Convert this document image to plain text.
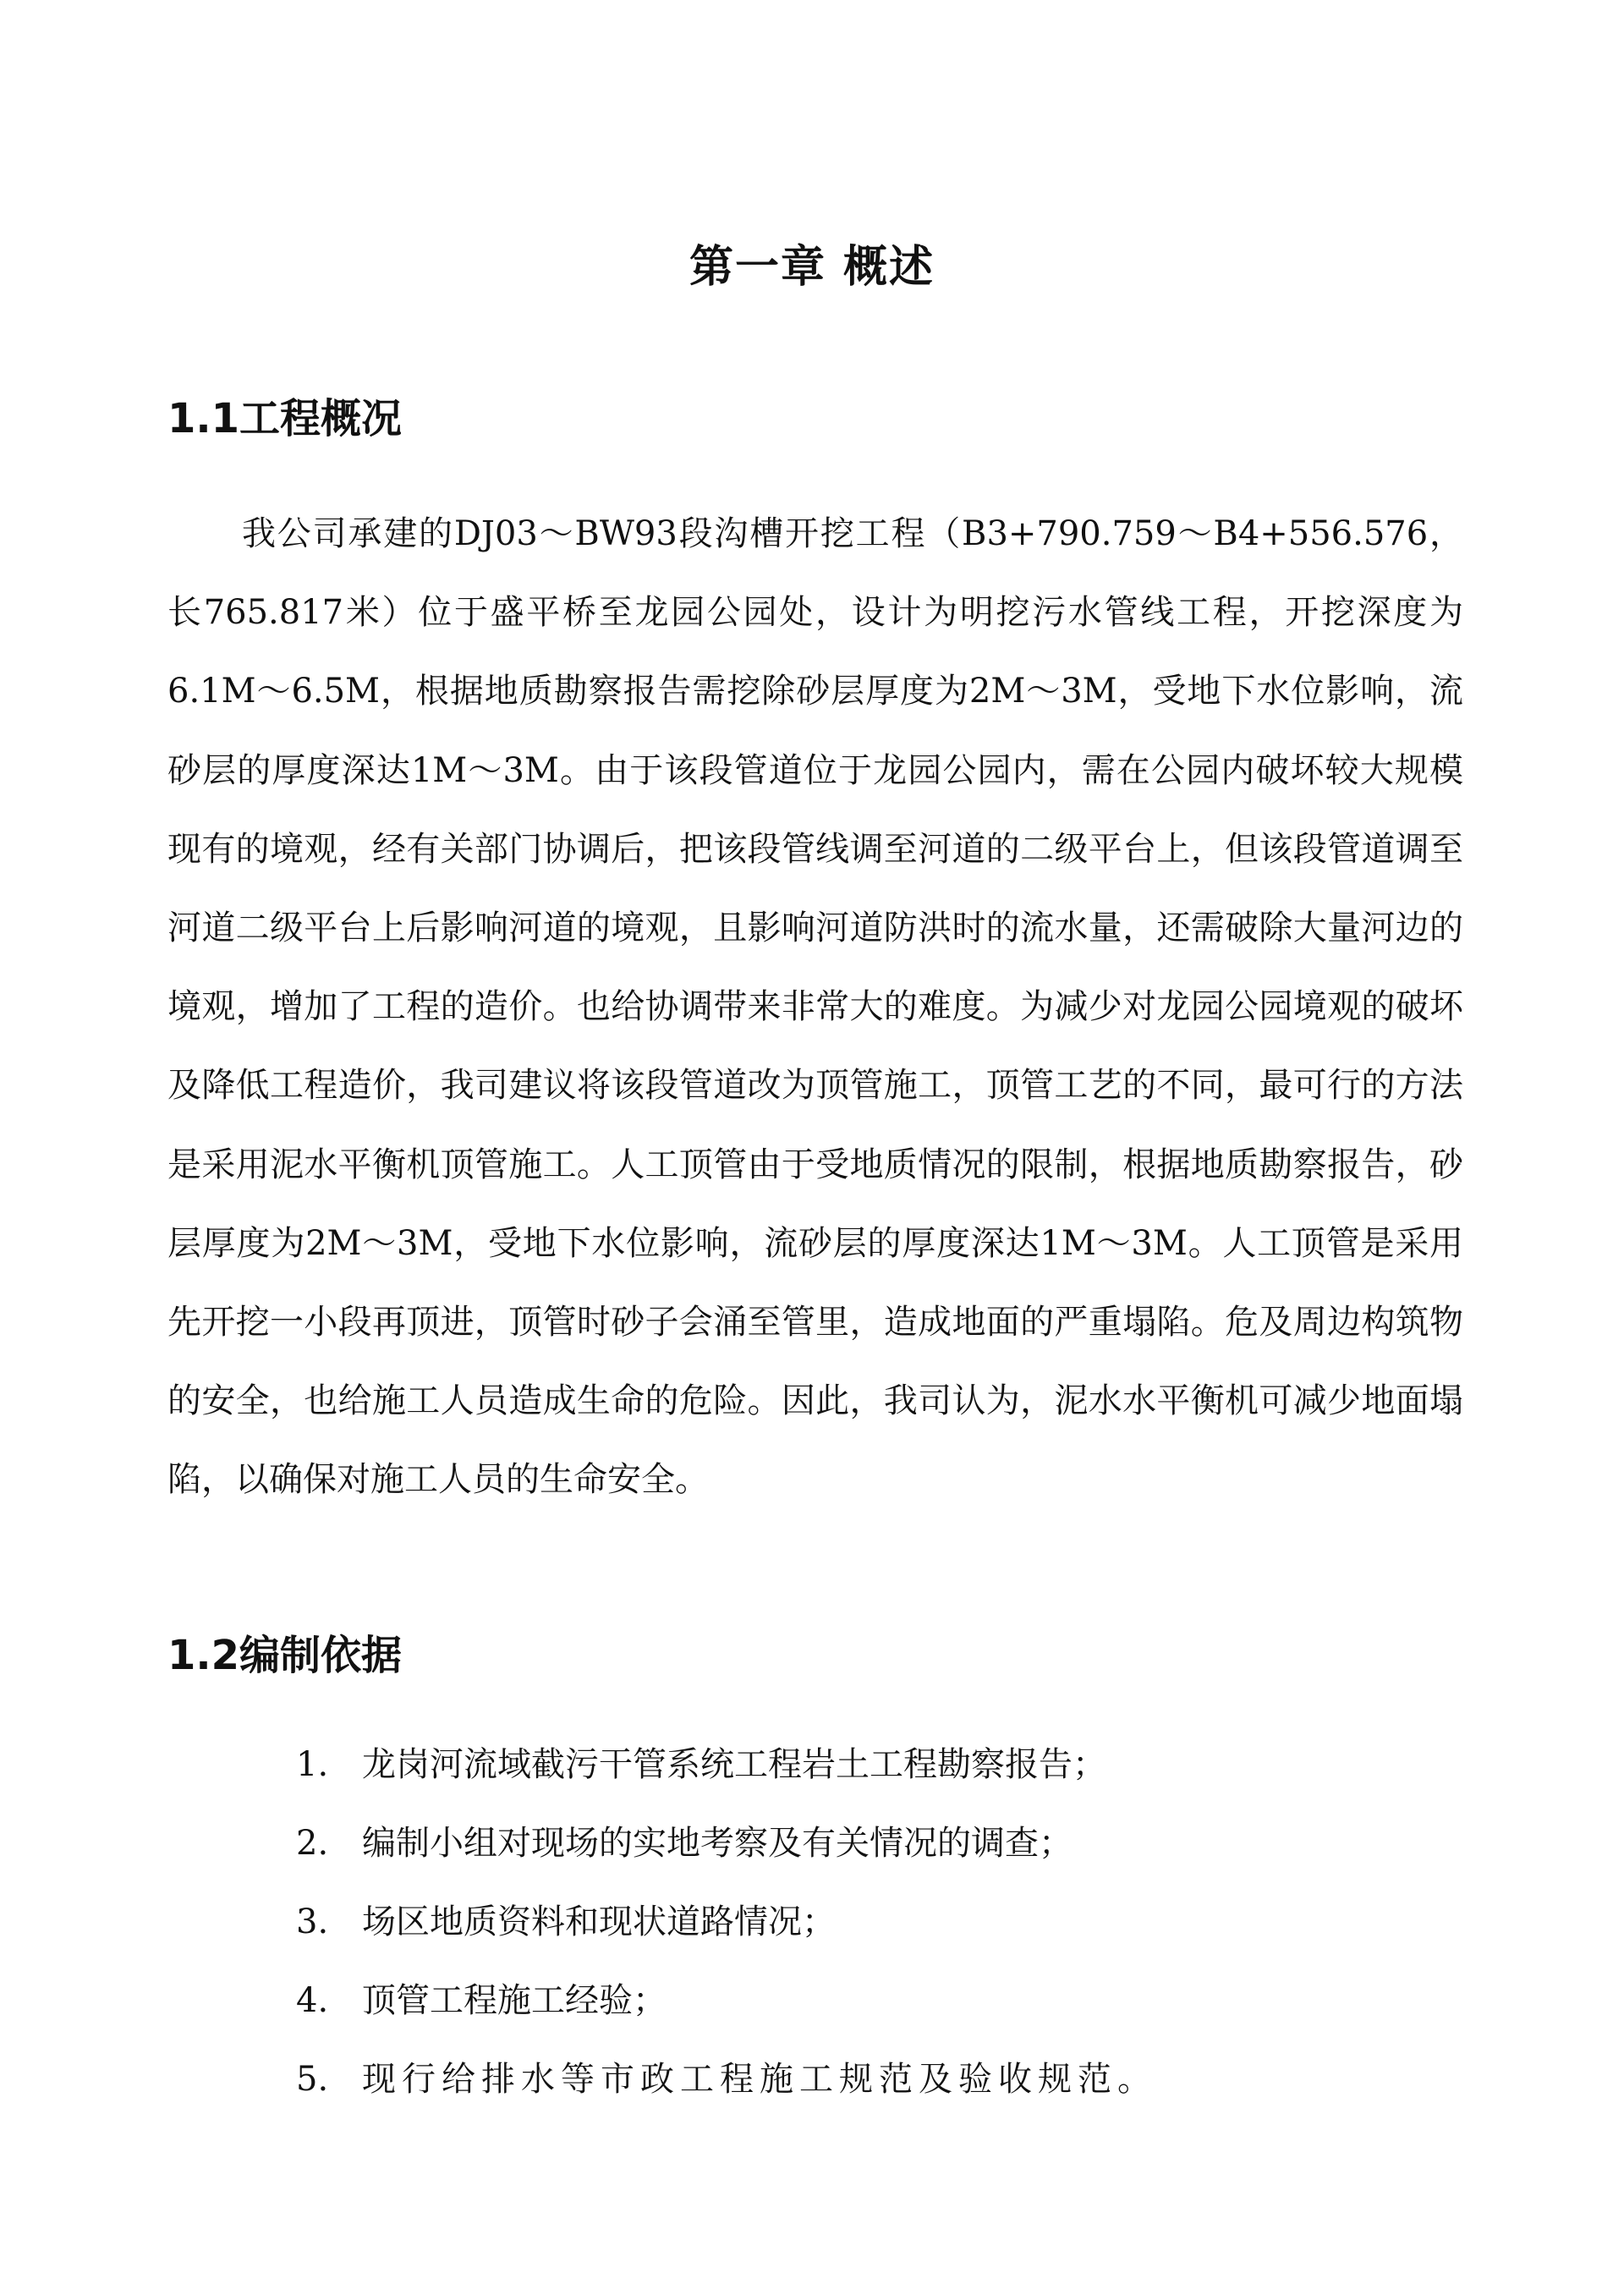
第一章 概述
1.1工程概况

我公司承建的DJ03～BW93段沟槽开挖工程（B3+790.759～B4+556.576，长765.817米）位于盛平桥至龙园公园处，设计为明挖污水管线工程，开挖深度为6.1M～6.5M，根据地质勘察报告需挖除砂层厚度为2M～3M，受地下水位影响，流砂层的厚度深达1M～3M。由于该段管道位于龙园公园内，需在公园内破坏较大规模现有的境观，经有关部门协调后，把该段管线调至河道的二级平台上，但该段管道调至河道二级平台上后影响河道的境观，且影响河道防洪时的流水量，还需破除大量河边的境观，增加了工程的造价。也给协调带来非常大的难度。为减少对龙园公园境观的破坏及降低工程造价，我司建议将该段管道改为顶管施工，顶管工艺的不同，最可行的方法是采用泥水平衡机顶管施工。人工顶管由于受地质情况的限制，根据地质勘察报告，砂层厚度为2M～3M，受地下水位影响，流砂层的厚度深达1M～3M。人工顶管是采用先开挖一小段再顶进，顶管时砂子会涌至管里，造成地面的严重塌陷。危及周边构筑物的安全，也给施工人员造成生命的危险。因此，我司认为，泥水水平衡机可减少地面塌陷，以确保对施工人员的生命安全。

1.2编制依据
1. 龙岗河流域截污干管系统工程岩土工程勘察报告；
2. 编制小组对现场的实地考察及有关情况的调查；
3. 场区地质资料和现状道路情况；
4. 顶管工程施工经验；
5. 现行给排水等市政工程施工规范及验收规范。
